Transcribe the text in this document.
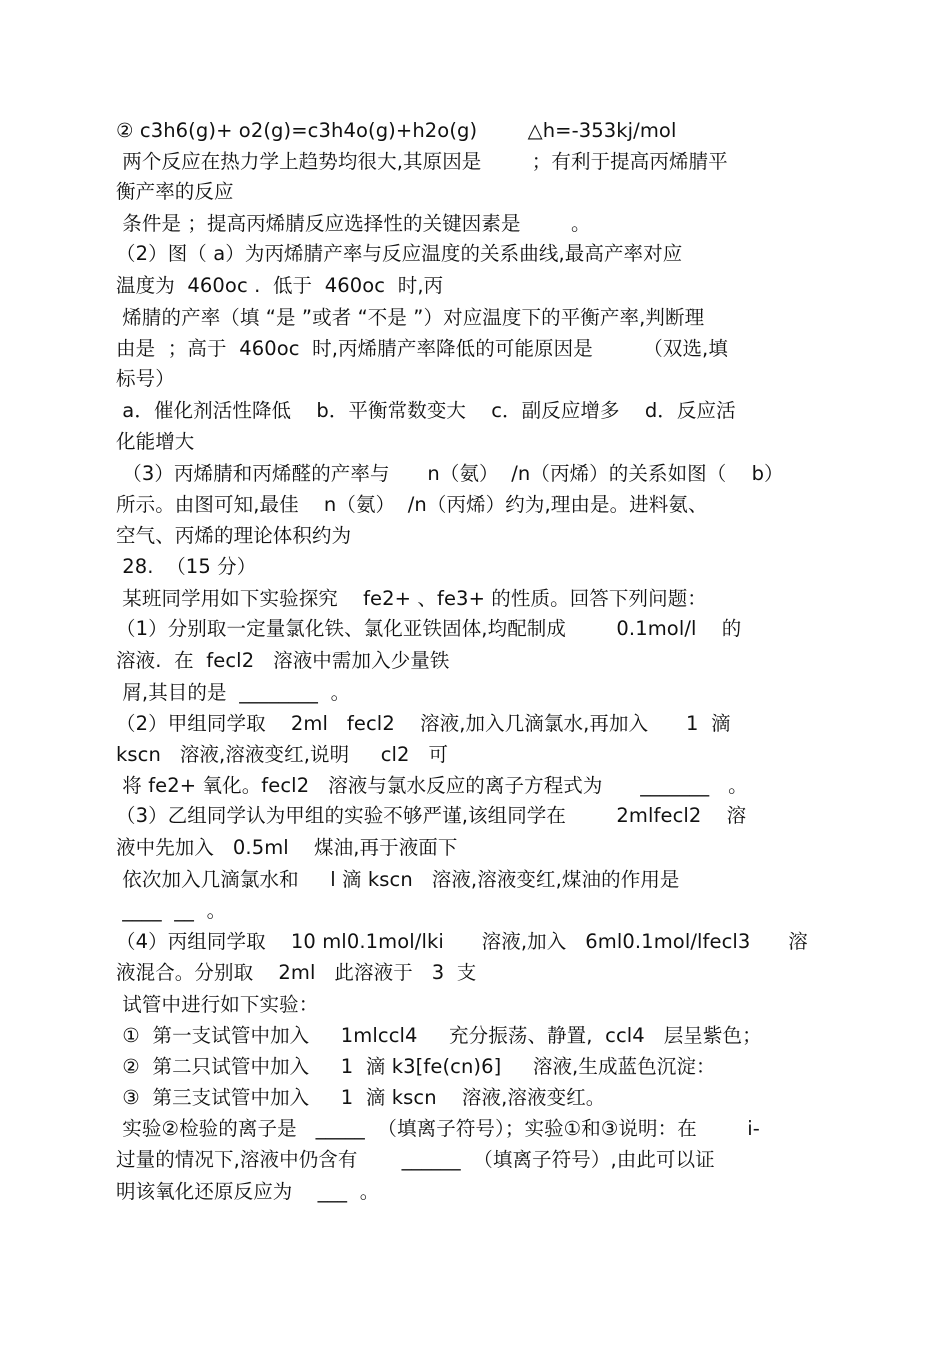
② c3h6(g)+ o2(g)=c3h4o(g)+h2o(g)        △h=-353kj/mol
两个反应在热力学上趋势均很大,其原因是        ；有利于提高丙烯腈平
衡产率的反应
条件是 ；提高丙烯腈反应选择性的关键因素是        。
（2）图（ a）为丙烯腈产率与反应温度的关系曲线,最高产率对应
温度为  460oc .  低于  460oc  时,丙
烯腈的产率（填 “是 ”或者 “不是 ”）对应温度下的平衡产率,判断理
由是  ；高于  460oc  时,丙烯腈产率降低的可能原因是        （双选,填
标号）
a．催化剂活性降低    b．平衡常数变大    c．副反应增多    d．反应活
化能增大
（3）丙烯腈和丙烯醛的产率与      n（氨）  /n（丙烯）的关系如图（    b）
所示。由图可知,最佳    n（氨）  /n（丙烯）约为,理由是。进料氨、
空气、丙烯的理论体积约为
28.  （15 分）
某班同学用如下实验探究    fe2+ 、fe3+ 的性质。回答下列问题：
（1）分别取一定量氯化铁、氯化亚铁固体,均配制成        0.1mol/l    的
溶液.  在  fecl2   溶液中需加入少量铁
屑,其目的是  ________  。
（2）甲组同学取    2ml   fecl2    溶液,加入几滴氯水,再加入      1  滴
kscn   溶液,溶液变红,说明     cl2   可
将 fe2+ 氧化。fecl2   溶液与氯水反应的离子方程式为      _______   。
（3）乙组同学认为甲组的实验不够严谨,该组同学在        2mlfecl2    溶
液中先加入   0.5ml    煤油,再于液面下
依次加入几滴氯水和     l 滴 kscn   溶液,溶液变红,煤油的作用是
____  __  。
（4）丙组同学取    10 ml0.1mol/lki      溶液,加入   6ml0.1mol/lfecl3      溶
液混合。分别取    2ml   此溶液于   3  支
试管中进行如下实验：
①  第一支试管中加入     1mlccl4     充分振荡、静置,  ccl4   层呈紫色；
②  第二只试管中加入     1  滴 k3[fe(cn)6]     溶液,生成蓝色沉淀：
③  第三支试管中加入     1  滴 kscn    溶液,溶液变红。
实验②检验的离子是   _____  （填离子符号）；实验①和③说明：在        i-
过量的情况下,溶液中仍含有       ______  （填离子符号）,由此可以证
明该氧化还原反应为    ___  。
